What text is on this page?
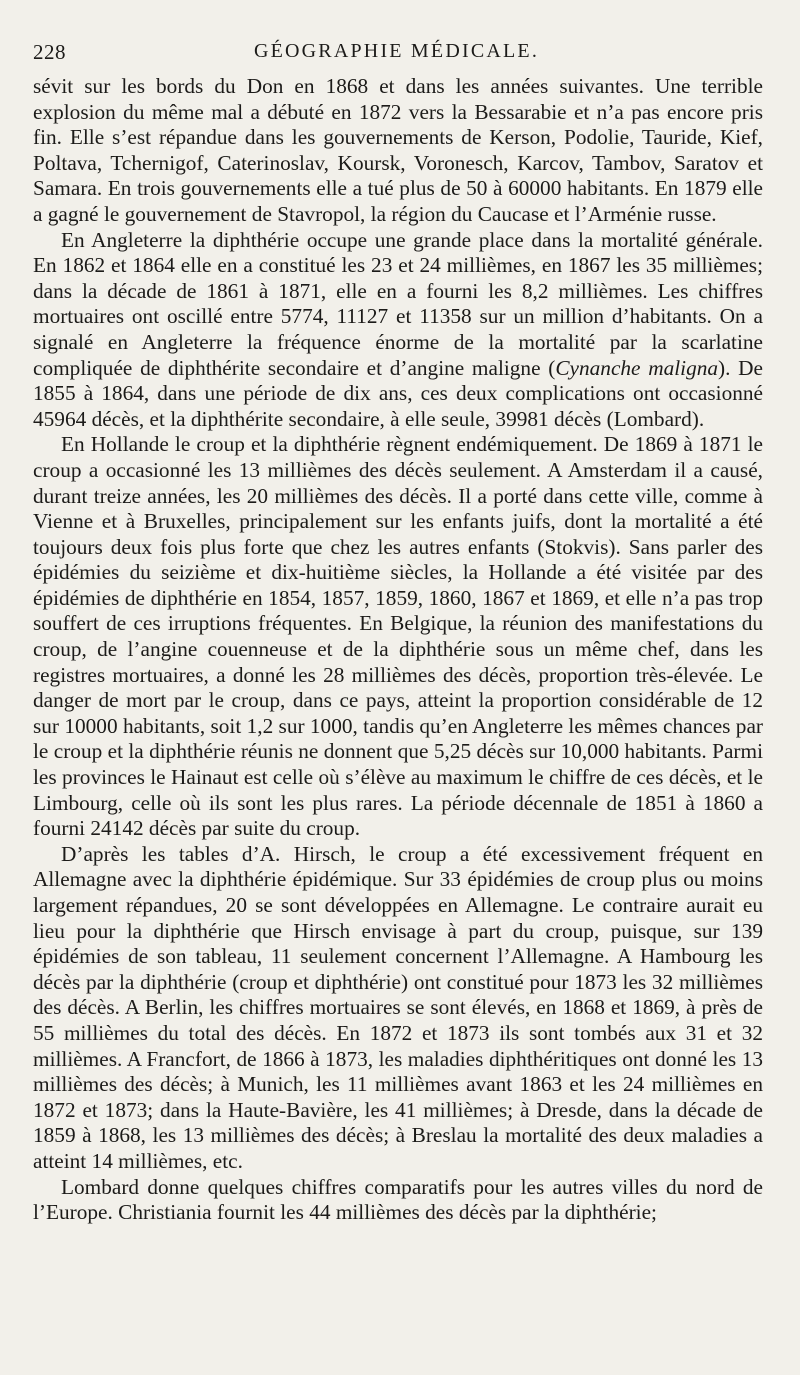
228	GÉOGRAPHIE MÉDICALE.

sévit sur les bords du Don en 1868 et dans les années suivantes. Une terrible explosion du même mal a débuté en 1872 vers la Bessarabie et n’a pas encore pris fin. Elle s’est répandue dans les gouvernements de Kerson, Podolie, Tauride, Kief, Poltava, Tchernigof, Caterinoslav, Koursk, Voronesch, Karcov, Tambov, Saratov et Samara. En trois gouvernements elle a tué plus de 50 à 60000 habitants. En 1879 elle a gagné le gouvernement de Stavropol, la région du Caucase et l’Arménie russe.

En Angleterre la diphthérie occupe une grande place dans la mortalité générale. En 1862 et 1864 elle en a constitué les 23 et 24 millièmes, en 1867 les 35 millièmes; dans la décade de 1861 à 1871, elle en a fourni les 8,2 millièmes. Les chiffres mortuaires ont oscillé entre 5774, 11127 et 11358 sur un million d’habitants. On a signalé en Angleterre la fréquence énorme de la mortalité par la scarlatine compliquée de diphthérite secondaire et d’angine maligne (Cynanche maligna). De 1855 à 1864, dans une période de dix ans, ces deux complications ont occasionné 45964 décès, et la diphthérite secondaire, à elle seule, 39981 décès (Lombard).

En Hollande le croup et la diphthérie règnent endémiquement. De 1869 à 1871 le croup a occasionné les 13 millièmes des décès seulement. A Amsterdam il a causé, durant treize années, les 20 millièmes des décès. Il a porté dans cette ville, comme à Vienne et à Bruxelles, principalement sur les enfants juifs, dont la mortalité a été toujours deux fois plus forte que chez les autres enfants (Stokvis). Sans parler des épidémies du seizième et dix-huitième siècles, la Hollande a été visitée par des épidémies de diphthérie en 1854, 1857, 1859, 1860, 1867 et 1869, et elle n’a pas trop souffert de ces irruptions fréquentes. En Belgique, la réunion des manifestations du croup, de l’angine couenneuse et de la diphthérie sous un même chef, dans les registres mortuaires, a donné les 28 millièmes des décès, proportion très-élevée. Le danger de mort par le croup, dans ce pays, atteint la proportion considérable de 12 sur 10000 habitants, soit 1,2 sur 1000, tandis qu’en Angleterre les mêmes chances par le croup et la diphthérie réunis ne donnent que 5,25 décès sur 10,000 habitants. Parmi les provinces le Hainaut est celle où s’élève au maximum le chiffre de ces décès, et le Limbourg, celle où ils sont les plus rares. La période décennale de 1851 à 1860 a fourni 24142 décès par suite du croup.

D’après les tables d’A. Hirsch, le croup a été excessivement fréquent en Allemagne avec la diphthérie épidémique. Sur 33 épidémies de croup plus ou moins largement répandues, 20 se sont développées en Allemagne. Le contraire aurait eu lieu pour la diphthérie que Hirsch envisage à part du croup, puisque, sur 139 épidémies de son tableau, 11 seulement concernent l’Allemagne. A Hambourg les décès par la diphthérie (croup et diphthérie) ont constitué pour 1873 les 32 millièmes des décès. A Berlin, les chiffres mortuaires se sont élevés, en 1868 et 1869, à près de 55 millièmes du total des décès. En 1872 et 1873 ils sont tombés aux 31 et 32 millièmes. A Francfort, de 1866 à 1873, les maladies diphthéritiques ont donné les 13 millièmes des décès; à Munich, les 11 millièmes avant 1863 et les 24 millièmes en 1872 et 1873; dans la Haute-Bavière, les 41 millièmes; à Dresde, dans la décade de 1859 à 1868, les 13 millièmes des décès; à Breslau la mortalité des deux maladies a atteint 14 millièmes, etc.

Lombard donne quelques chiffres comparatifs pour les autres villes du nord de l’Europe. Christiania fournit les 44 millièmes des décès par la diphthérie;
